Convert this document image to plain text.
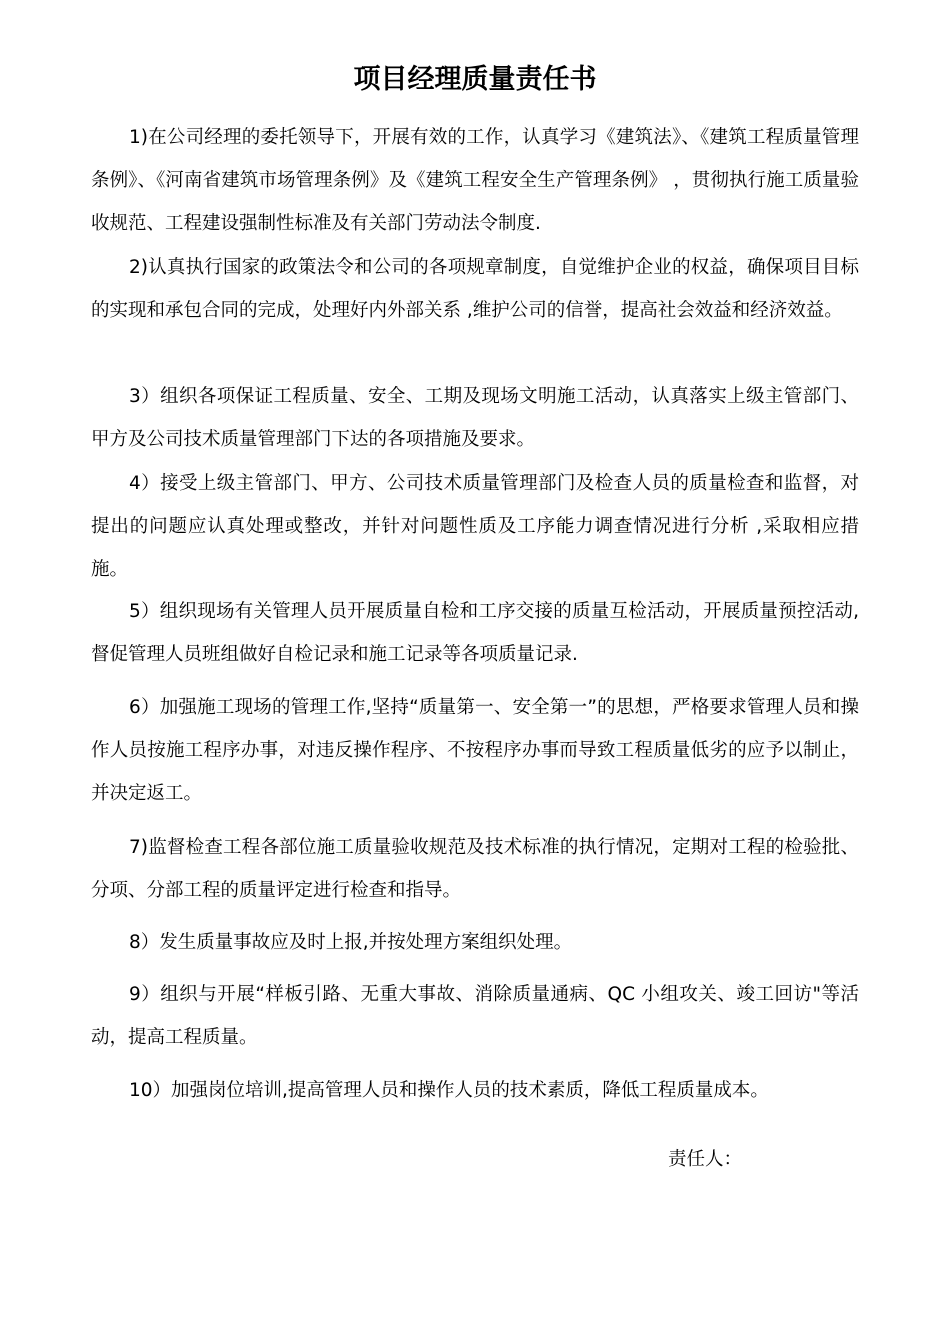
项目经理质量责任书
1)在公司经理的委托领导下，开展有效的工作，认真学习《建筑法》、《建筑工程质量管理条例》、《河南省建筑市场管理条例》及《建筑工程安全生产管理条例》 ，贯彻执行施工质量验收规范、工程建设强制性标准及有关部门劳动法令制度.
2)认真执行国家的政策法令和公司的各项规章制度，自觉维护企业的权益，确保项目目标的实现和承包合同的完成，处理好内外部关系 ,维护公司的信誉，提高社会效益和经济效益。
3）组织各项保证工程质量、安全、工期及现场文明施工活动，认真落实上级主管部门、甲方及公司技术质量管理部门下达的各项措施及要求。
4）接受上级主管部门、甲方、公司技术质量管理部门及检查人员的质量检查和监督，对提出的问题应认真处理或整改，并针对问题性质及工序能力调查情况进行分析 ,采取相应措施。
5）组织现场有关管理人员开展质量自检和工序交接的质量互检活动，开展质量预控活动,督促管理人员班组做好自检记录和施工记录等各项质量记录.
6）加强施工现场的管理工作,坚持“质量第一、安全第一”的思想，严格要求管理人员和操作人员按施工程序办事，对违反操作程序、不按程序办事而导致工程质量低劣的应予以制止，并决定返工。
7)监督检查工程各部位施工质量验收规范及技术标准的执行情况，定期对工程的检验批、分项、分部工程的质量评定进行检查和指导。
8）发生质量事故应及时上报,并按处理方案组织处理。
9）组织与开展“样板引路、无重大事故、消除质量通病、QC 小组攻关、竣工回访"等活动，提高工程质量。
10）加强岗位培训,提高管理人员和操作人员的技术素质，降低工程质量成本。
责任人：
